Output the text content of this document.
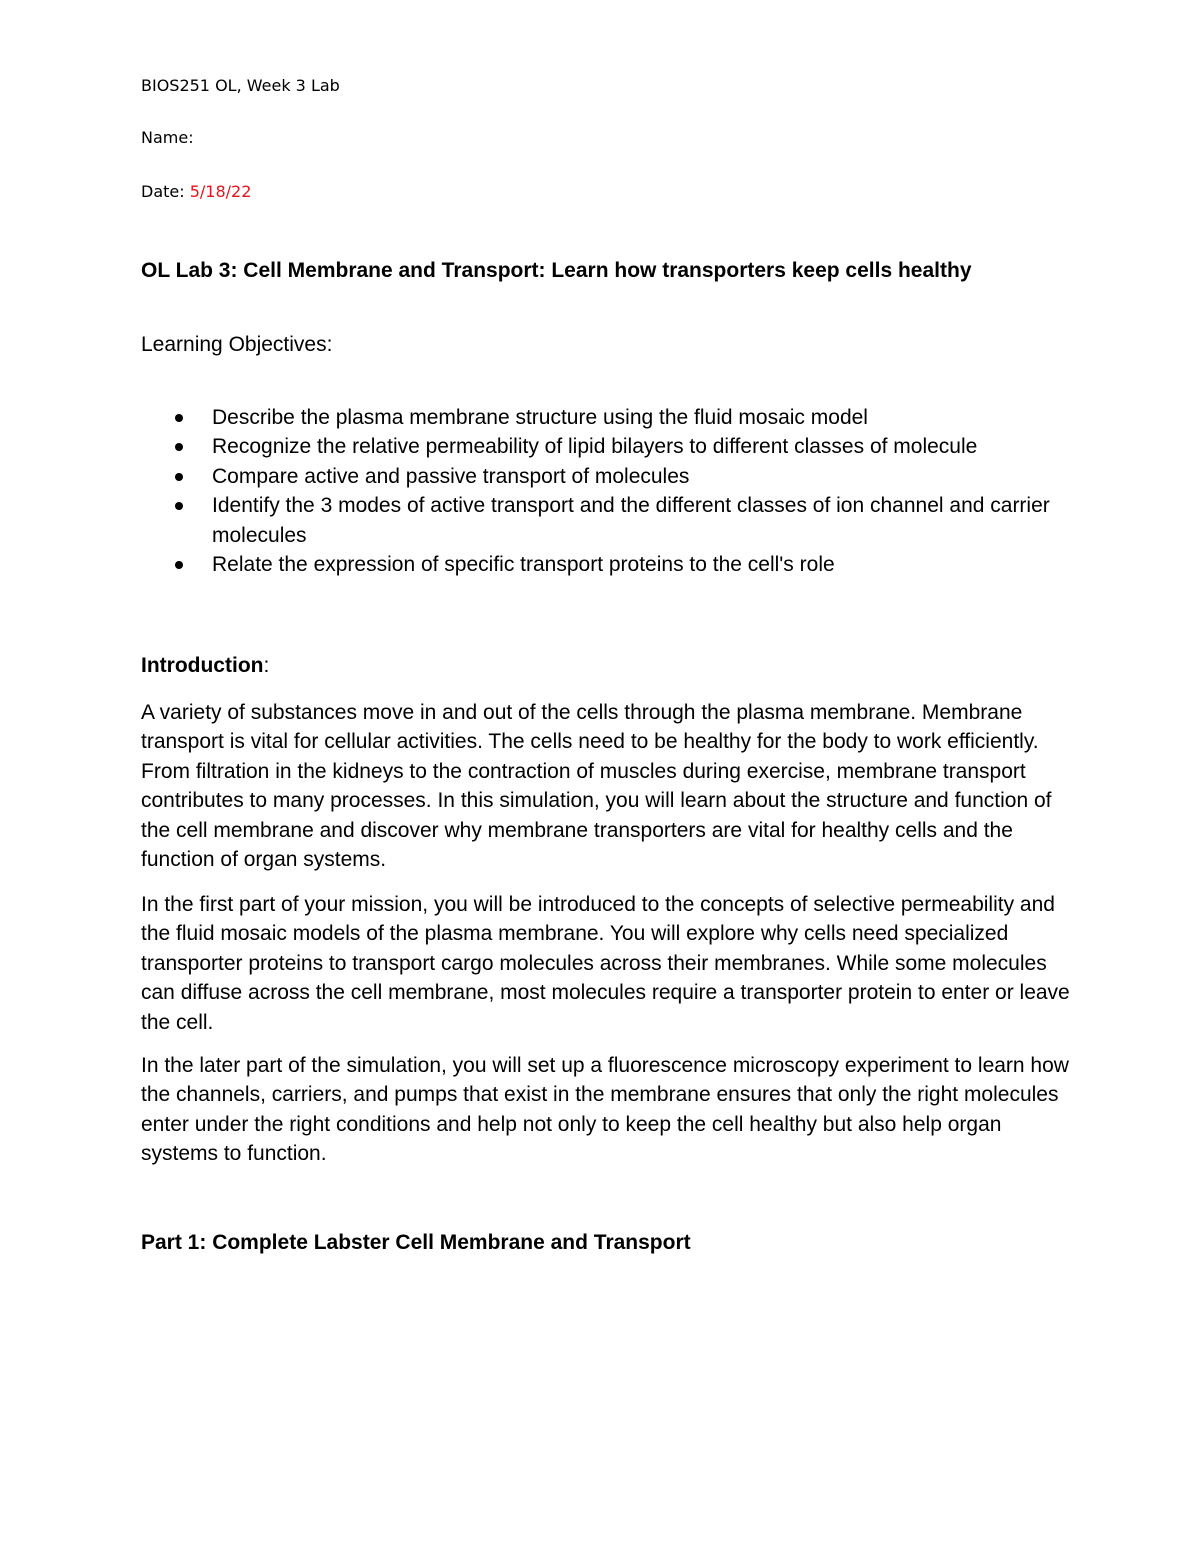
BIOS251 OL, Week 3 Lab
Name:
Date: 5/18/22
OL Lab 3: Cell Membrane and Transport: Learn how transporters keep cells healthy

Learning Objectives:

Describe the plasma membrane structure using the fluid mosaic model
Recognize the relative permeability of lipid bilayers to different classes of molecule
Compare active and passive transport of molecules
Identify the 3 modes of active transport and the different classes of ion channel and carrier molecules
Relate the expression of specific transport proteins to the cell's role

Introduction:

A variety of substances move in and out of the cells through the plasma membrane. Membrane transport is vital for cellular activities. The cells need to be healthy for the body to work efficiently. From filtration in the kidneys to the contraction of muscles during exercise, membrane transport contributes to many processes. In this simulation, you will learn about the structure and function of the cell membrane and discover why membrane transporters are vital for healthy cells and the function of organ systems.

In the first part of your mission, you will be introduced to the concepts of selective permeability and the fluid mosaic models of the plasma membrane. You will explore why cells need specialized transporter proteins to transport cargo molecules across their membranes. While some molecules can diffuse across the cell membrane, most molecules require a transporter protein to enter or leave the cell.

In the later part of the simulation, you will set up a fluorescence microscopy experiment to learn how the channels, carriers, and pumps that exist in the membrane ensures that only the right molecules enter under the right conditions and help not only to keep the cell healthy but also help organ systems to function.

Part 1: Complete Labster Cell Membrane and Transport
